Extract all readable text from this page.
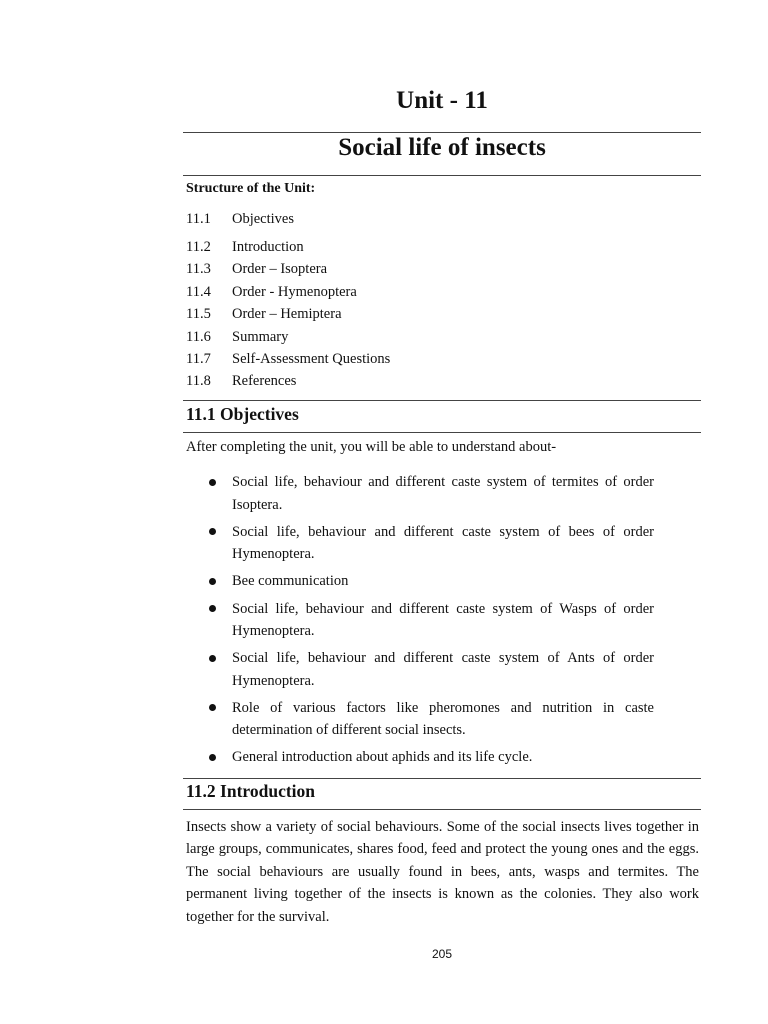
Unit - 11
Social life of insects
Structure of the Unit:
11.1 Objectives
11.2 Introduction
11.3 Order – Isoptera
11.4 Order - Hymenoptera
11.5 Order – Hemiptera
11.6 Summary
11.7 Self-Assessment Questions
11.8 References
11.1 Objectives
After completing the unit, you will be able to understand about-
Social life, behaviour and different caste system of termites of order Isoptera.
Social life, behaviour and different caste system of bees of order Hymenoptera.
Bee communication
Social life, behaviour and different caste system of Wasps of order Hymenoptera.
Social life, behaviour and different caste system of Ants of order Hymenoptera.
Role of various factors like pheromones and nutrition in caste determination of different social insects.
General introduction about aphids and its life cycle.
11.2 Introduction

Insects show a variety of social behaviours. Some of the social insects lives together in large groups, communicates, shares food, feed and protect the young ones and the eggs. The social behaviours are usually found in bees, ants, wasps and termites. The permanent living together of the insects is known as the colonies. They also work together for the survival.

205
